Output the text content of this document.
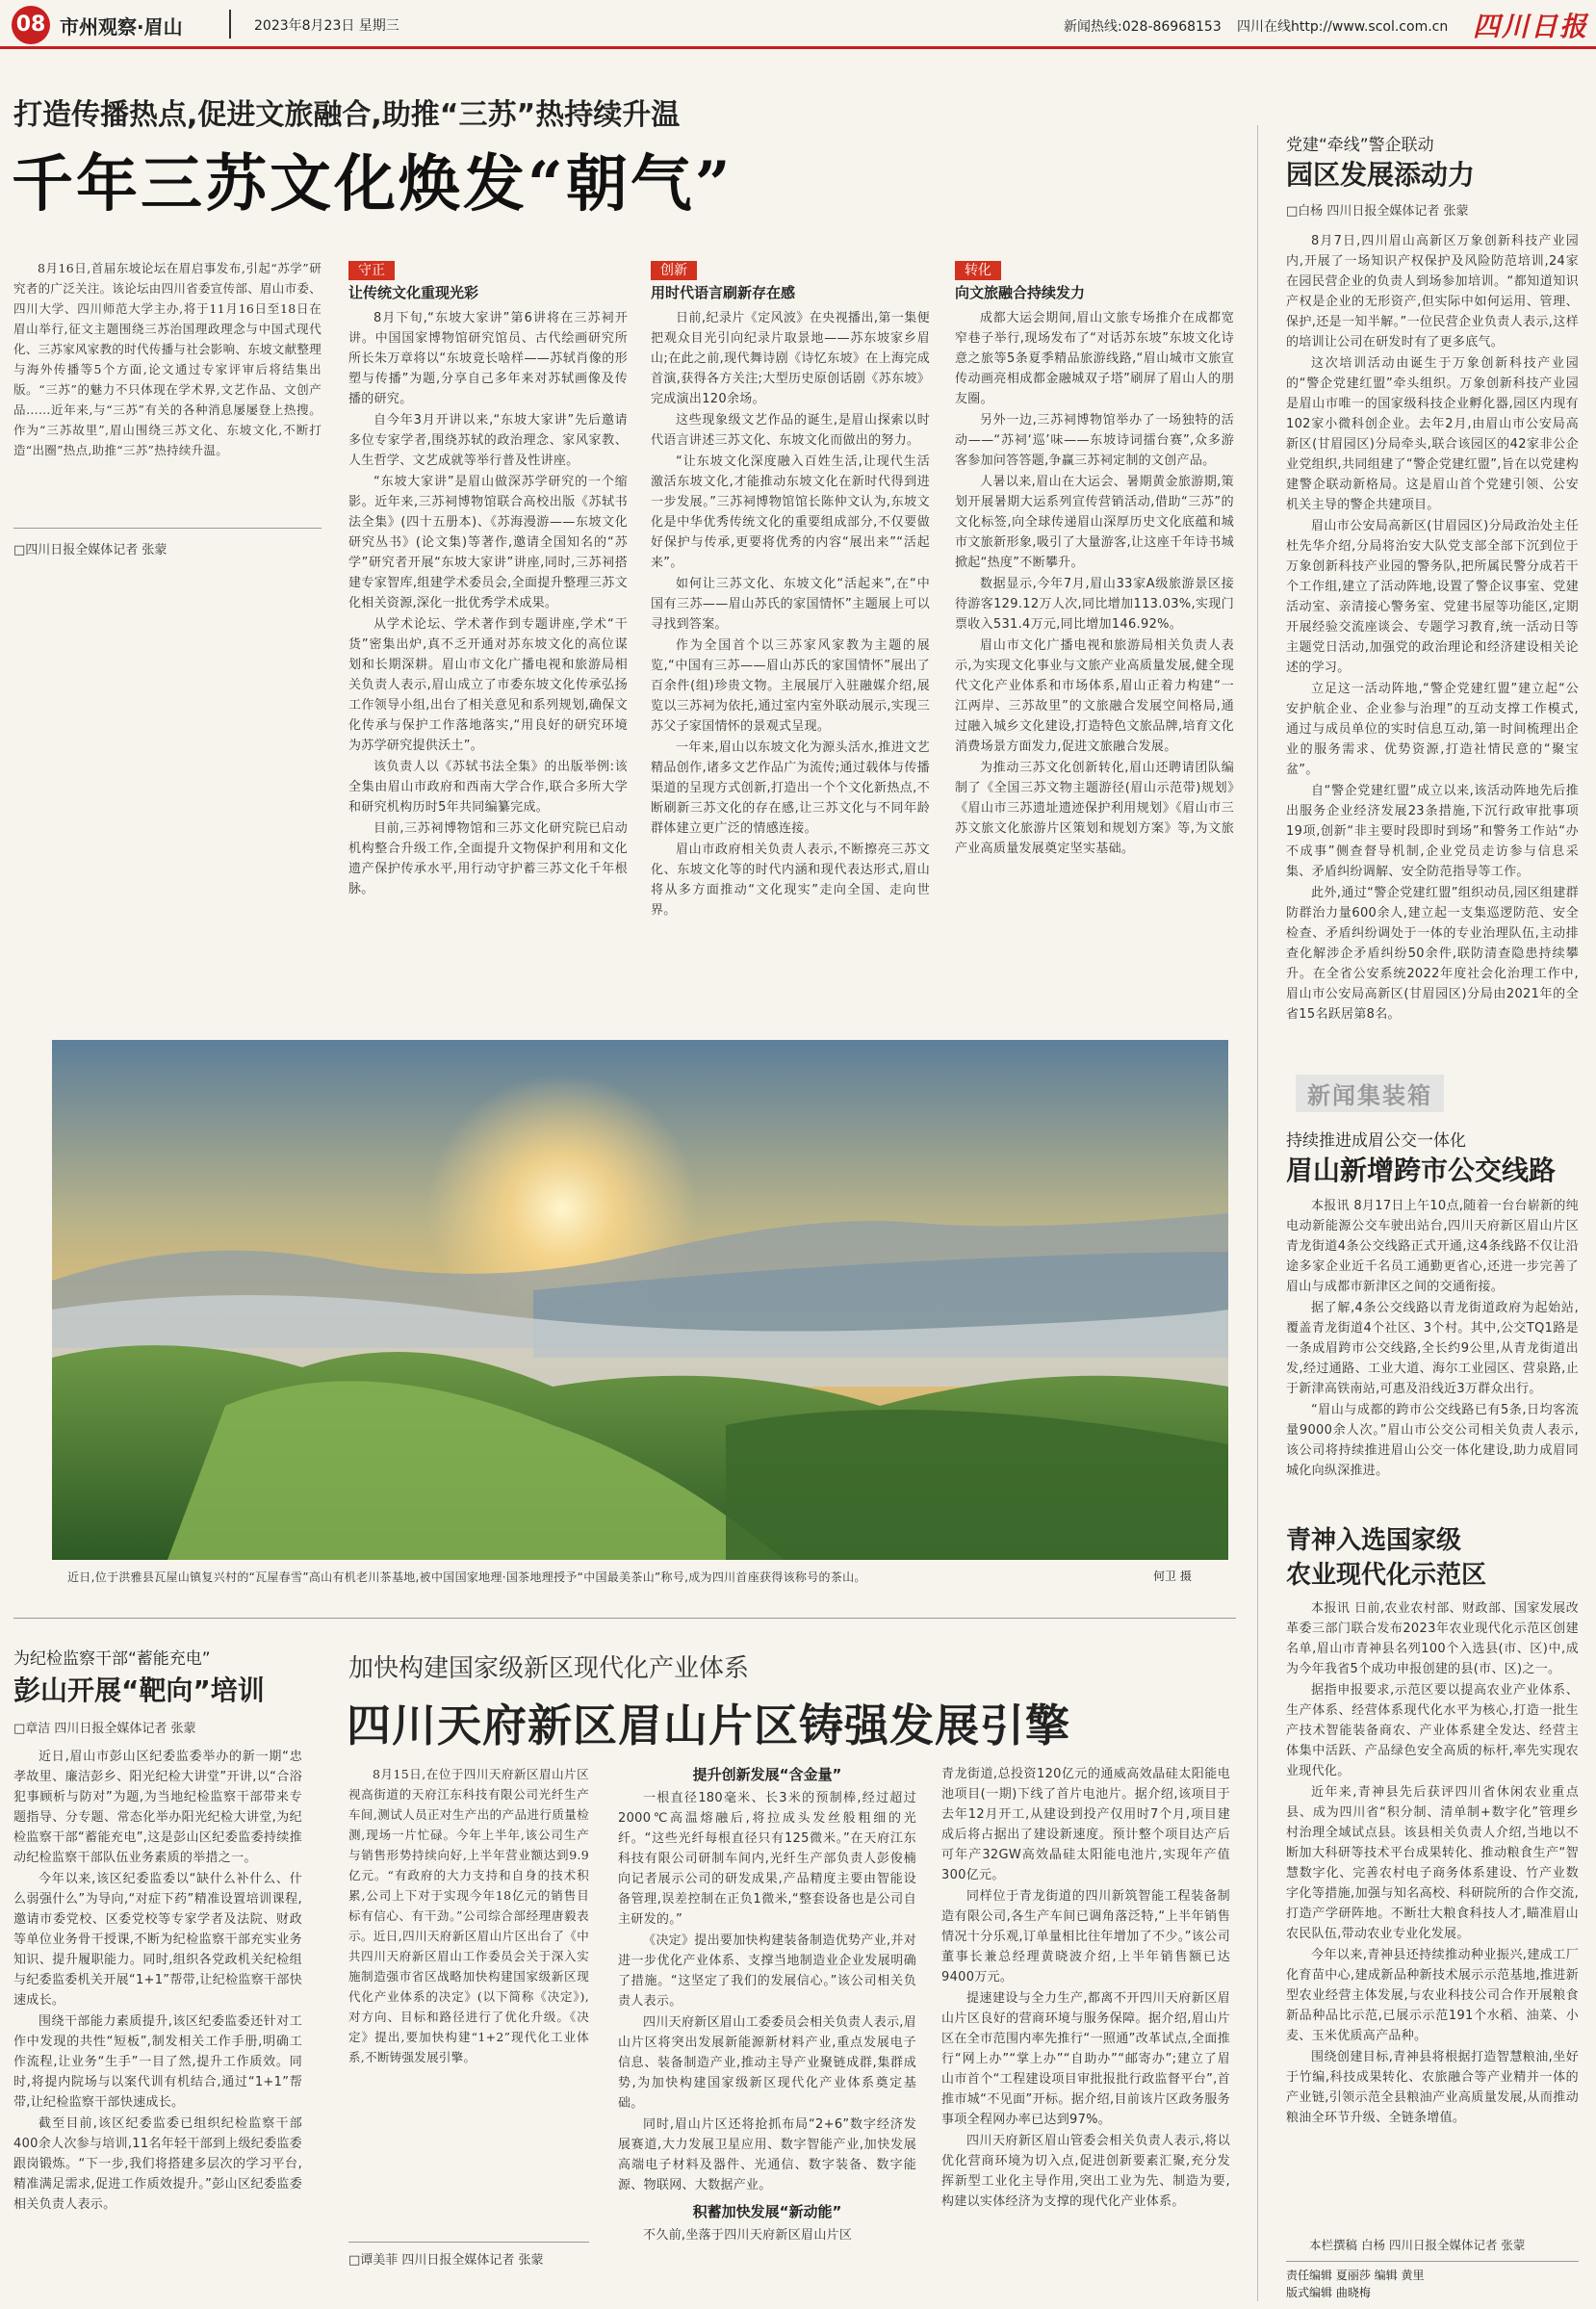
08 市州观察·眉山	2023年8月23日 星期三	新闻热线:028-86968153 四川在线http://www.scol.com.cn 四川日报
打造传播热点,促进文旅融合,助推“三苏”热持续升温
千年三苏文化焕发“朝气”

8月16日,首届东坡论坛在眉启事发布,引起“苏学”研究者的广泛关注。该论坛由四川省委宣传部、眉山市委、四川大学、四川师范大学主办,将于11月16日至18日在眉山举行,征文主题围绕三苏治国理政理念与中国式现代化、三苏家风家教的时代传播与社会影响、东坡文献整理与海外传播等5个方面,论文通过专家评审后将结集出版。“三苏”的魅力不只体现在学术界,文艺作品、文创产品……近年来,与“三苏”有关的各种消息屡屡登上热搜。作为“三苏故里”,眉山围绕三苏文化、东坡文化,不断打造“出圈”热点,助推“三苏”热持续升温。

□四川日报全媒体记者 张蒙
守正
让传统文化重现光彩

8月下旬,“东坡大家讲”第6讲将在三苏祠开讲。中国国家博物馆研究馆员、古代绘画研究所所长朱万章将以“东坡竟长啥样——苏轼肖像的形塑与传播”为题,分享自己多年来对苏轼画像及传播的研究。

自今年3月开讲以来,“东坡大家讲”先后邀请多位专家学者,围绕苏轼的政治理念、家风家教、人生哲学、文艺成就等举行普及性讲座。

“东坡大家讲”是眉山做深苏学研究的一个缩影。近年来,三苏祠博物馆联合高校出版《苏轼书法全集》(四十五册本)、《苏海漫游——东坡文化研究丛书》(论文集)等著作,邀请全国知名的“苏学”研究者开展“东坡大家讲”讲座,同时,三苏祠搭建专家智库,组建学术委员会,全面提升整理三苏文化相关资源,深化一批优秀学术成果。

从学术论坛、学术著作到专题讲座,学术“干货”密集出炉,真不乏开通对苏东坡文化的高位谋划和长期深耕。眉山市文化广播电视和旅游局相关负责人表示,眉山成立了市委东坡文化传承弘扬工作领导小组,出台了相关意见和系列规划,确保文化传承与保护工作落地落实,“用良好的研究环境为苏学研究提供沃土”。

该负责人以《苏轼书法全集》的出版举例:该全集由眉山市政府和西南大学合作,联合多所大学和研究机构历时5年共同编纂完成。

目前,三苏祠博物馆和三苏文化研究院已启动机构整合升级工作,全面提升文物保护利用和文化遗产保护传承水平,用行动守护蓄三苏文化千年根脉。

创新
用时代语言刷新存在感

日前,纪录片《定风波》在央视播出,第一集便把观众目光引向纪录片取景地——苏东坡家乡眉山;在此之前,现代舞诗剧《诗忆东坡》在上海完成首演,获得各方关注;大型历史原创话剧《苏东坡》完成演出120余场。

这些现象级文艺作品的诞生,是眉山探索以时代语言讲述三苏文化、东坡文化而做出的努力。

“让东坡文化深度融入百姓生活,让现代生活激活东坡文化,才能推动东坡文化在新时代得到进一步发展。”三苏祠博物馆馆长陈仲文认为,东坡文化是中华优秀传统文化的重要组成部分,不仅要做好保护与传承,更要将优秀的内容“展出来”“活起来”。

如何让三苏文化、东坡文化“活起来”,在“中国有三苏——眉山苏氏的家国情怀”主题展上可以寻找到答案。

作为全国首个以三苏家风家教为主题的展览,“中国有三苏——眉山苏氏的家国情怀”展出了百余件(组)珍贵文物。主展展厅入驻融媒介绍,展览以三苏祠为依托,通过室内室外联动展示,实现三苏父子家国情怀的景观式呈现。

一年来,眉山以东坡文化为源头活水,推进文艺精品创作,诸多文艺作品广为流传;通过载体与传播渠道的呈现方式创新,打造出一个个文化新热点,不断刷新三苏文化的存在感,让三苏文化与不同年龄群体建立更广泛的情感连接。

眉山市政府相关负责人表示,不断擦亮三苏文化、东坡文化等的时代内涵和现代表达形式,眉山将从多方面推动“文化现实”走向全国、走向世界。

转化
向文旅融合持续发力

成都大运会期间,眉山文旅专场推介在成都宽窄巷子举行,现场发布了“对话苏东坡”东坡文化诗意之旅等5条夏季精品旅游线路,“眉山城市文旅宣传动画亮相成都金融城双子塔”刷屏了眉山人的朋友圈。

另外一边,三苏祠博物馆举办了一场独特的活动——“苏祠‘巡’味——东坡诗词擂台赛”,众多游客参加问答答题,争赢三苏祠定制的文创产品。

人暑以来,眉山在大运会、暑期黄金旅游期,策划开展暑期大运系列宣传营销活动,借助“三苏”的文化标签,向全球传递眉山深厚历史文化底蕴和城市文旅新形象,吸引了大量游客,让这座千年诗书城掀起“热度”不断攀升。

数据显示,今年7月,眉山33家A级旅游景区接待游客129.12万人次,同比增加113.03%,实现门票收入531.4万元,同比增加146.92%。

眉山市文化广播电视和旅游局相关负责人表示,为实现文化事业与文旅产业高质量发展,健全现代文化产业体系和市场体系,眉山正着力构建“一江两岸、三苏故里”的文旅融合发展空间格局,通过融入城乡文化建设,打造特色文旅品牌,培育文化消费场景方面发力,促进文旅融合发展。

为推动三苏文化创新转化,眉山还聘请团队编制了《全国三苏文物主题游径(眉山示范带)规划》《眉山市三苏遗址遗迹保护利用规划》《眉山市三苏文旅文化旅游片区策划和规划方案》等,为文旅产业高质量发展奠定坚实基础。

近日,位于洪雅县瓦屋山镇复兴村的“瓦屋春雪”高山有机老川茶基地,被中国国家地理·国茶地理授予“中国最美茶山”称号,成为四川首座获得该称号的茶山。	何卫 摄
党建“牵线”警企联动
园区发展添动力
□白杨 四川日报全媒体记者 张蒙

8月7日,四川眉山高新区万象创新科技产业园内,开展了一场知识产权保护及风险防范培训,24家在园民营企业的负责人到场参加培训。“都知道知识产权是企业的无形资产,但实际中如何运用、管理、保护,还是一知半解。”一位民营企业负责人表示,这样的培训让公司在研发时有了更多底气。

这次培训活动由诞生于万象创新科技产业园的“警企党建红盟”牵头组织。万象创新科技产业园是眉山市唯一的国家级科技企业孵化器,园区内现有102家小微科创企业。去年2月,由眉山市公安局高新区(甘眉园区)分局牵头,联合该园区的42家非公企业党组织,共同组建了“警企党建红盟”,旨在以党建构建警企联动新格局。这是眉山首个党建引领、公安机关主导的警企共建项目。

眉山市公安局高新区(甘眉园区)分局政治处主任杜先华介绍,分局将治安大队党支部全部下沉到位于万象创新科技产业园的警务队,把所属民警分成若干个工作组,建立了活动阵地,设置了警企议事室、党建活动室、亲清接心警务室、党建书屋等功能区,定期开展经验交流座谈会、专题学习教育,统一活动日等主题党日活动,加强党的政治理论和经济建设相关论述的学习。

立足这一活动阵地,“警企党建红盟”建立起“公安护航企业、企业参与治理”的互动支撑工作模式,通过与成员单位的实时信息互动,第一时间梳理出企业的服务需求、优势资源,打造社情民意的“聚宝盆”。

自“警企党建红盟”成立以来,该活动阵地先后推出服务企业经济发展23条措施,下沉行政审批事项19项,创新“非主要时段即时到场”和警务工作站“办不成事”侧查督导机制,企业党员走访参与信息采集、矛盾纠纷调解、安全防范指导等工作。

此外,通过“警企党建红盟”组织动员,园区组建群防群治力量600余人,建立起一支集巡逻防范、安全检查、矛盾纠纷调处于一体的专业治理队伍,主动排查化解涉企矛盾纠纷50余件,联防清查隐患持续攀升。在全省公安系统2022年度社会化治理工作中,眉山市公安局高新区(甘眉园区)分局由2021年的全省15名跃居第8名。

新闻集装箱
持续推进成眉公交一体化
眉山新增跨市公交线路

本报讯 8月17日上午10点,随着一台台崭新的纯电动新能源公交车驶出站台,四川天府新区眉山片区青龙街道4条公交线路正式开通,这4条线路不仅让沿途多家企业近千名员工通勤更省心,还进一步完善了眉山与成都市新津区之间的交通衔接。

据了解,4条公交线路以青龙街道政府为起始站,覆盖青龙街道4个社区、3个村。其中,公交TQ1路是一条成眉跨市公交线路,全长约9公里,从青龙街道出发,经过通路、工业大道、海尔工业园区、营泉路,止于新津高铁南站,可惠及沿线近3万群众出行。

“眉山与成都的跨市公交线路已有5条,日均客流量9000余人次。”眉山市公交公司相关负责人表示,该公司将持续推进眉山公交一体化建设,助力成眉同城化向纵深推进。

青神入选国家级
农业现代化示范区

本报讯 日前,农业农村部、财政部、国家发展改革委三部门联合发布2023年农业现代化示范区创建名单,眉山市青神县名列100个入选县(市、区)中,成为今年我省5个成功申报创建的县(市、区)之一。

据指申报要求,示范区要以提高农业产业体系、生产体系、经营体系现代化水平为核心,打造一批生产技术智能装备商农、产业体系建全发达、经营主体集中活跃、产品绿色安全高质的标杆,率先实现农业现代化。

近年来,青神县先后获评四川省休闲农业重点县、成为四川省“积分制、清单制+数字化”管理乡村治理全域试点县。该县相关负责人介绍,当地以不断加大科研等技术平台成果转化、推动粮食生产“智慧数字化、完善农村电子商务体系建设、竹产业数字化等措施,加强与知名高校、科研院所的合作交流,打造产学研阵地。不断壮大粮食科技人才,瞄准眉山农民队伍,带动农业专业化发展。

今年以来,青神县还持续推动种业振兴,建成工厂化育苗中心,建成新品种新技术展示示范基地,推进新型农业经营主体发展,与农业科技公司合作开展粮食新品种品比示范,已展示示范191个水稻、油菜、小麦、玉米优质高产品种。

围绕创建目标,青神县将根据打造智慧粮油,坐好于竹编,科技成果转化、农旅融合等产业精并一体的产业链,引领示范全县粮油产业高质量发展,从而推动粮油全环节升级、全链条增值。

本栏撰稿 白杨 四川日报全媒体记者 张蒙
责任编辑 夏丽莎 编辑 黄里
版式编辑 曲晓梅
为纪检监察干部“蓄能充电”
彭山开展“靶向”培训
□章洁 四川日报全媒体记者 张蒙

近日,眉山市彭山区纪委监委举办的新一期“忠孝故里、廉洁彭乡、阳光纪检大讲堂”开讲,以“合浴犯事顾析与防对”为题,为当地纪检监察干部带来专题指导、分专题、常态化举办阳光纪检大讲堂,为纪检监察干部“蓄能充电”,这是彭山区纪委监委持续推动纪检监察干部队伍业务素质的举措之一。

今年以来,该区纪委监委以“缺什么补什么、什么弱强什么”为导向,“对症下药”精准设置培训课程,邀请市委党校、区委党校等专家学者及法院、财政等单位业务骨干授课,不断为纪检监察干部充实业务知识、提升履职能力。同时,组织各党政机关纪检组与纪委监委机关开展“1+1”帮带,让纪检监察干部快速成长。

围绕干部能力素质提升,该区纪委监委还针对工作中发现的共性“短板”,制发相关工作手册,明确工作流程,让业务“生手”一目了然,提升工作质效。同时,将提内院场与以案代训有机结合,通过“1+1”帮带,让纪检监察干部快速成长。

截至目前,该区纪委监委已组织纪检监察干部400余人次参与培训,11名年轻干部到上级纪委监委跟岗锻炼。“下一步,我们将搭建多层次的学习平台,精准满足需求,促进工作质效提升。”彭山区纪委监委相关负责人表示。

加快构建国家级新区现代化产业体系
四川天府新区眉山片区铸强发展引擎

8月15日,在位于四川天府新区眉山片区视高街道的天府江东科技有限公司光纤生产车间,测试人员正对生产出的产品进行质量检测,现场一片忙碌。今年上半年,该公司生产与销售形势持续向好,上半年营业额达到9.9亿元。“有政府的大力支持和自身的技术积累,公司上下对于实现今年18亿元的销售目标有信心、有干劲。”公司综合部经理唐毅表示。近日,四川天府新区眉山片区出台了《中共四川天府新区眉山工作委员会关于深入实施制造强市省区战略加快构建国家级新区现代化产业体系的决定》(以下简称《决定》),对方向、目标和路径进行了优化升级。《决定》提出,要加快构建“1+2”现代化工业体系,不断铸强发展引擎。

□谭美菲 四川日报全媒体记者 张蒙
提升创新发展“含金量”

一根直径180毫米、长3米的预制棒,经过超过2000℃高温熔融后,将拉成头发丝般粗细的光纤。“这些光纤每根直径只有125微米。”在天府江东科技有限公司研制车间内,光纤生产部负责人彭俊楠向记者展示公司的研发成果,产品精度主要由智能设备管理,误差控制在正负1微米,“整套设备也是公司自主研发的。”

《决定》提出要加快构建装备制造优势产业,并对进一步优化产业体系、支撑当地制造业企业发展明确了措施。“这坚定了我们的发展信心。”该公司相关负责人表示。

四川天府新区眉山工委委员会相关负责人表示,眉山片区将突出发展新能源新材料产业,重点发展电子信息、装备制造产业,推动主导产业聚链成群,集群成势,为加快构建国家级新区现代化产业体系奠定基础。

同时,眉山片区还将抢抓布局“2+6”数字经济发展赛道,大力发展卫星应用、数字智能产业,加快发展高端电子材料及器件、光通信、数字装备、数字能源、物联网、大数据产业。

积蓄加快发展“新动能”

不久前,坐落于四川天府新区眉山片区

青龙街道,总投资120亿元的通威高效晶硅太阳能电池项目(一期)下线了首片电池片。据介绍,该项目于去年12月开工,从建设到投产仅用时7个月,项目建成后将占据出了建设新速度。预计整个项目达产后可年产32GW高效晶硅太阳能电池片,实现年产值300亿元。

同样位于青龙街道的四川新筑智能工程装备制造有限公司,各生产车间已调角落泛特,“上半年销售情况十分乐观,订单量相比往年增加了不少。”该公司董事长兼总经理黄晓波介绍,上半年销售额已达9400万元。

提速建设与全力生产,都离不开四川天府新区眉山片区良好的营商环境与服务保障。据介绍,眉山片区在全市范围内率先推行“一照通”改革试点,全面推行“网上办”“掌上办”“自助办”“邮寄办”;建立了眉山市首个“工程建设项目审批报批行政监督平台”,首推市城“不见面”开标。据介绍,目前该片区政务服务事项全程网办率已达到97%。

四川天府新区眉山管委会相关负责人表示,将以优化营商环境为切入点,促进创新要素汇聚,充分发挥新型工业化主导作用,突出工业为先、制造为要,构建以实体经济为支撑的现代化产业体系。
